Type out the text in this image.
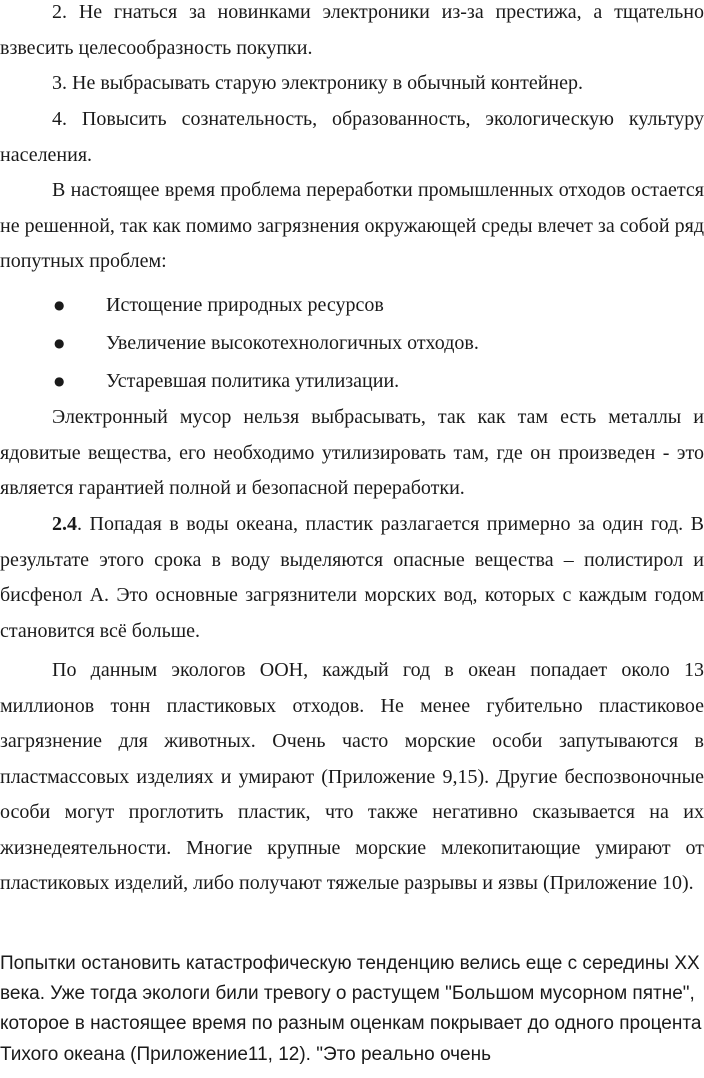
2. Не гнаться за новинками электроники из-за престижа, а тщательно взвесить целесообразность покупки.

3. Не выбрасывать старую электронику в обычный контейнер.

4. Повысить сознательность, образованность, экологическую культуру населения.

В настоящее время проблема переработки промышленных отходов остается не решенной, так как помимо загрязнения окружающей среды влечет за собой ряд попутных проблем:

● Истощение природных ресурсов
● Увеличение высокотехнологичных отходов.
● Устаревшая политика утилизации.

Электронный мусор нельзя выбрасывать, так как там есть металлы и ядовитые вещества, его необходимо утилизировать там, где он произведен - это является гарантией полной и безопасной переработки.

2.4. Попадая в воды океана, пластик разлагается примерно за один год. В результате этого срока в воду выделяются опасные вещества – полистирол и бисфенол А. Это основные загрязнители морских вод, которых с каждым годом становится всё больше.

По данным экологов ООН, каждый год в океан попадает около 13 миллионов тонн пластиковых отходов. Не менее губительно пластиковое загрязнение для животных. Очень часто морские особи запутываются в пластмассовых изделиях и умирают (Приложение 9,15). Другие беспозвоночные особи могут проглотить пластик, что также негативно сказывается на их жизнедеятельности. Многие крупные морские млекопитающие умирают от пластиковых изделий, либо получают тяжелые разрывы и язвы (Приложение 10).

Попытки остановить катастрофическую тенденцию велись еще с середины XX века. Уже тогда экологи били тревогу о растущем "Большом мусорном пятне", которое в настоящее время по разным оценкам покрывает до одного процента Тихого океана (Приложение11, 12). "Это реально очень
